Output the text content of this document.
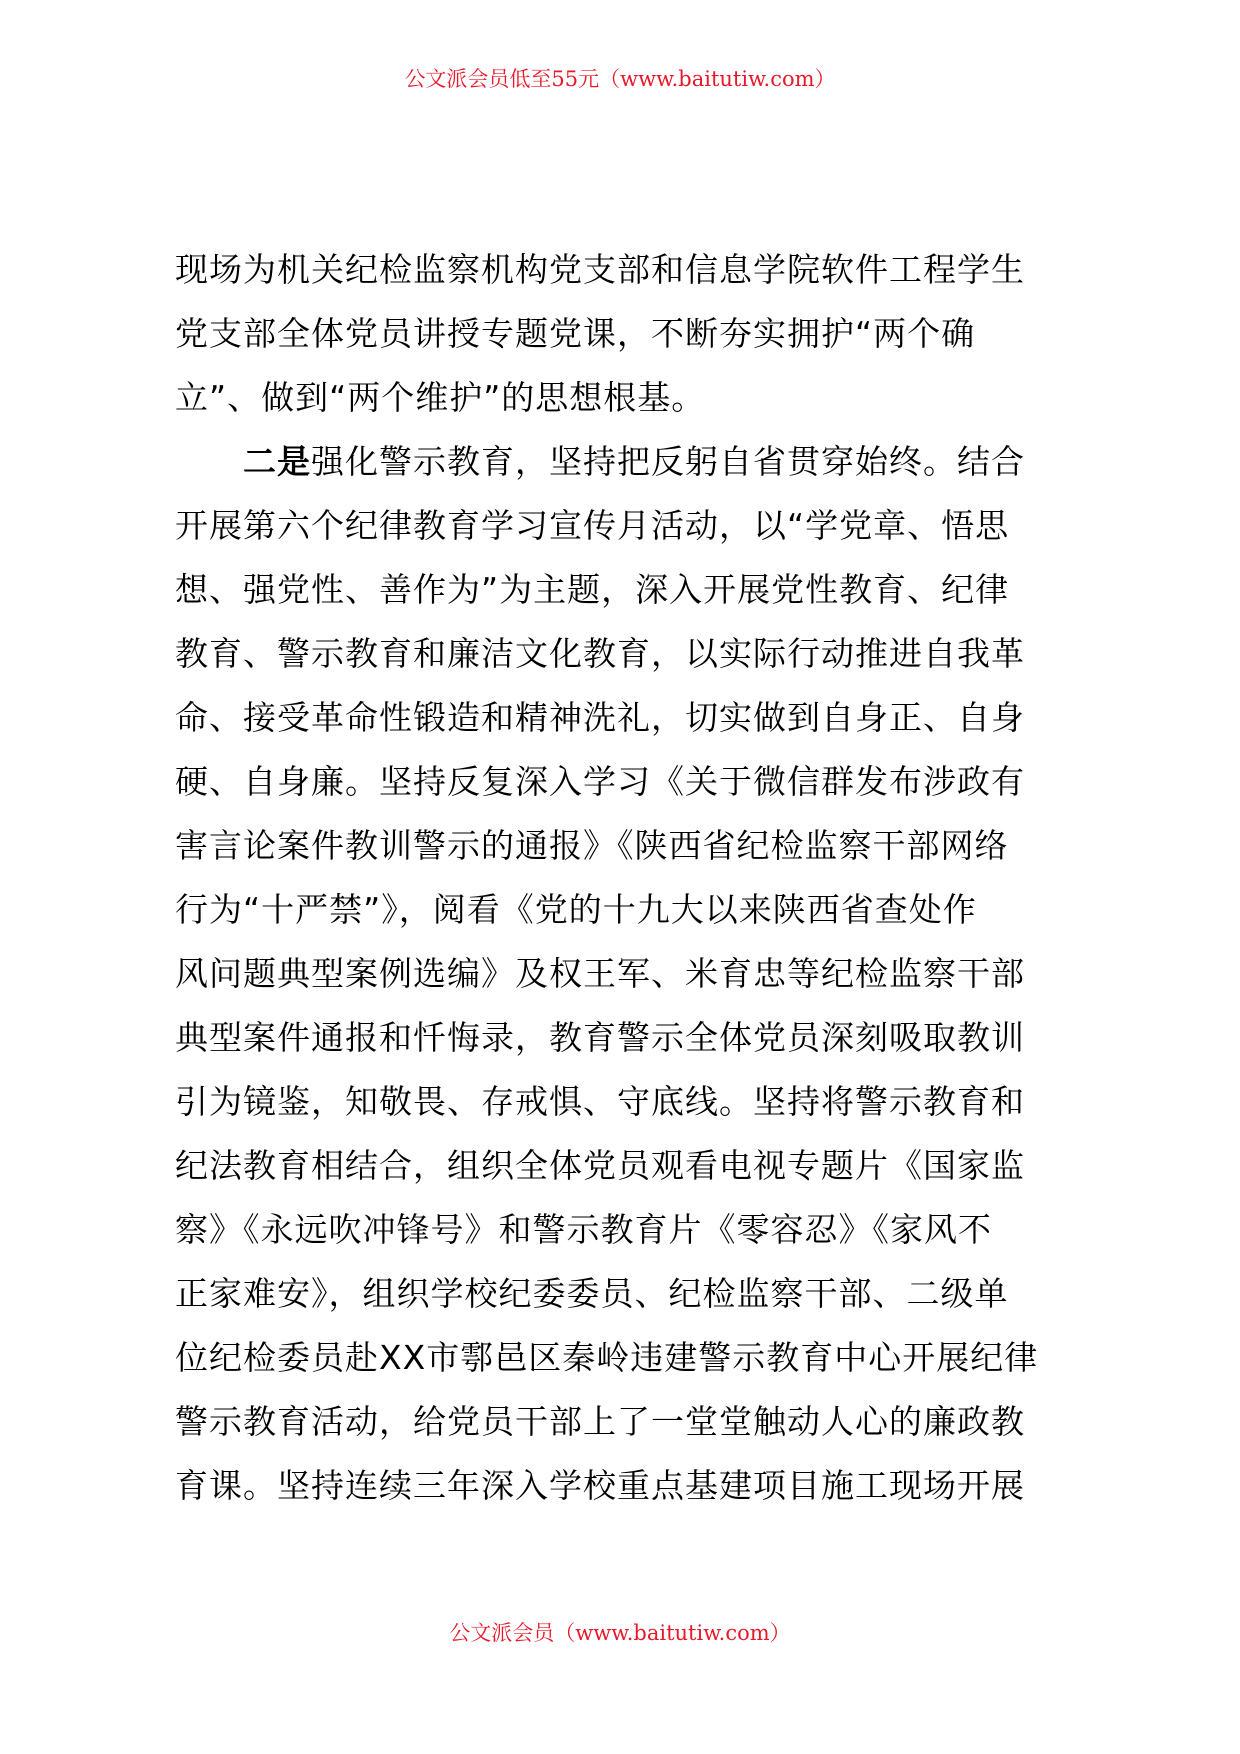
公文派会员低至55元（www.baitutiw.com）
现场为机关纪检监察机构党支部和信息学院软件工程学生
党支部全体党员讲授专题党课，不断夯实拥护“两个确
立”、做到“两个维护”的思想根基。
二是强化警示教育，坚持把反躬自省贯穿始终。结合
开展第六个纪律教育学习宣传月活动，以“学党章、悟思
想、强党性、善作为”为主题，深入开展党性教育、纪律
教育、警示教育和廉洁文化教育，以实际行动推进自我革
命、接受革命性锻造和精神洗礼，切实做到自身正、自身
硬、自身廉。坚持反复深入学习《关于微信群发布涉政有
害言论案件教训警示的通报》《陕西省纪检监察干部网络
行为“十严禁”》，阅看《党的十九大以来陕西省查处作
风问题典型案例选编》及权王军、米育忠等纪检监察干部
典型案件通报和忏悔录，教育警示全体党员深刻吸取教训
引为镜鉴，知敬畏、存戒惧、守底线。坚持将警示教育和
纪法教育相结合，组织全体党员观看电视专题片《国家监
察》《永远吹冲锋号》和警示教育片《零容忍》《家风不
正家难安》，组织学校纪委委员、纪检监察干部、二级单
位纪检委员赴XX市鄠邑区秦岭违建警示教育中心开展纪律
警示教育活动，给党员干部上了一堂堂触动人心的廉政教
育课。坚持连续三年深入学校重点基建项目施工现场开展
公文派会员（www.baitutiw.com）
